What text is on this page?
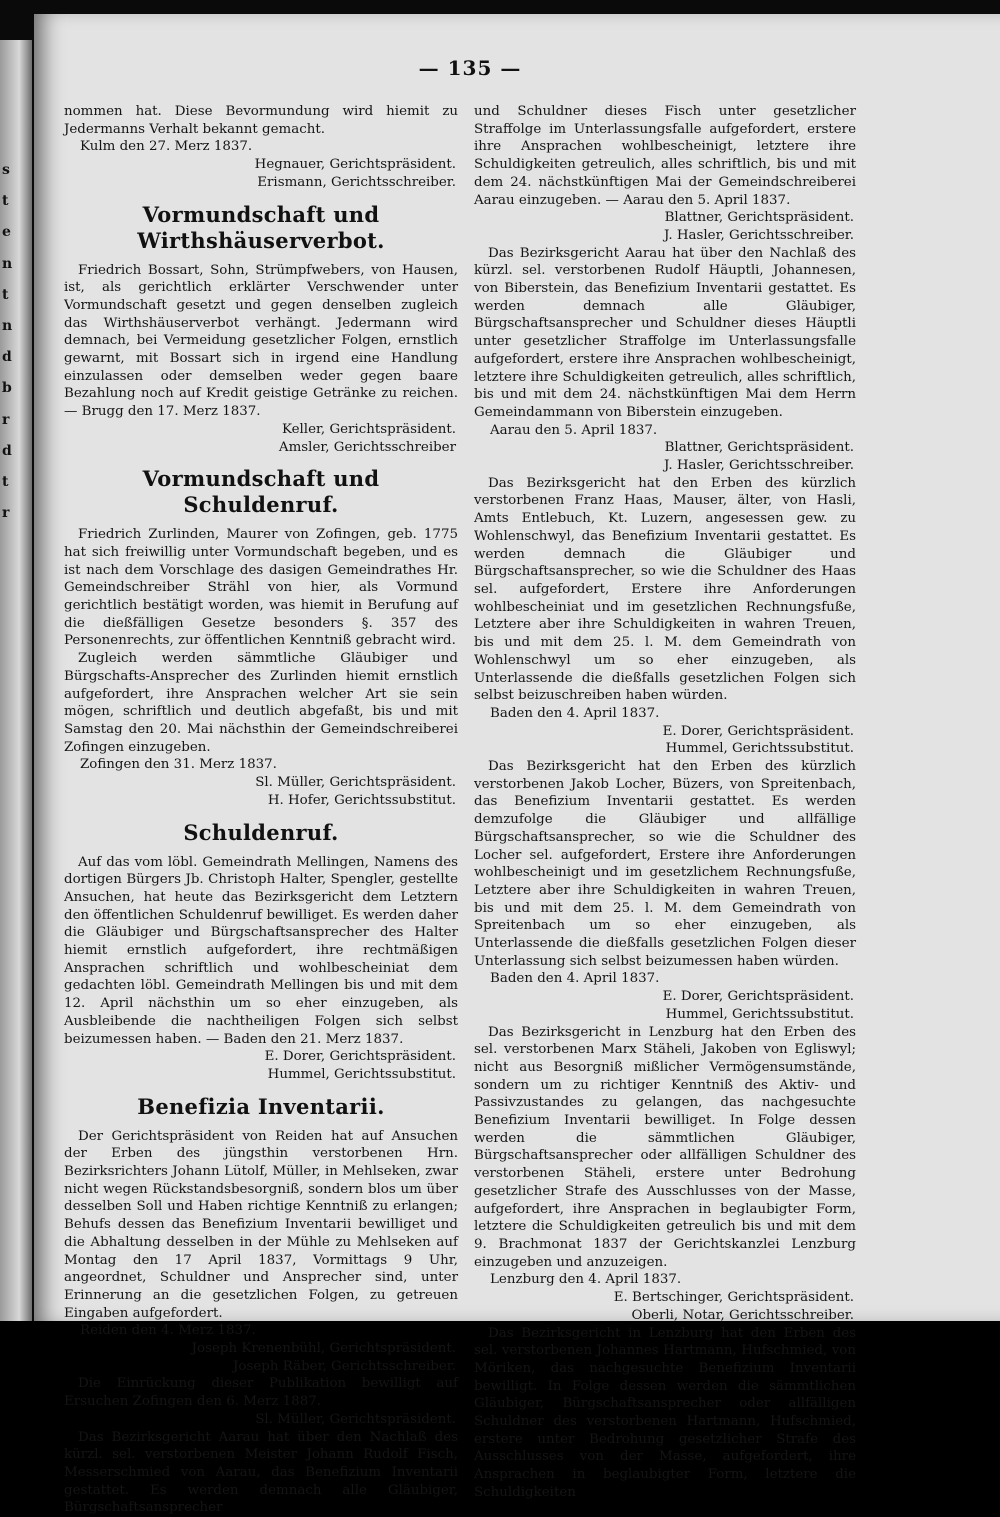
s
t
e
n
t
n
d
b
r
d
t
r
— 135 —

nommen hat. Diese Bevormundung wird hiemit zu Jedermanns Verhalt bekannt gemacht.

Kulm den 27. Merz 1837.

Hegnauer, Gerichtspräsident.

Erismann, Gerichtsschreiber.

Vormundschaft und Wirthshäuserverbot.

Friedrich Bossart, Sohn, Strümpfwebers, von Hausen, ist, als gerichtlich erklärter Verschwender unter Vormundschaft gesetzt und gegen denselben zugleich das Wirthshäuserverbot verhängt. Jedermann wird demnach, bei Vermeidung gesetzlicher Folgen, ernstlich gewarnt, mit Bossart sich in irgend eine Handlung einzulassen oder demselben weder gegen baare Bezahlung noch auf Kredit geistige Getränke zu reichen. — Brugg den 17. Merz 1837.

Keller, Gerichtspräsident.

Amsler, Gerichtsschreiber

Vormundschaft und Schuldenruf.

Friedrich Zurlinden, Maurer von Zofingen, geb. 1775 hat sich freiwillig unter Vormundschaft begeben, und es ist nach dem Vorschlage des dasigen Gemeindrathes Hr. Gemeindschreiber Strähl von hier, als Vormund gerichtlich bestätigt worden, was hiemit in Berufung auf die dießfälligen Gesetze besonders §. 357 des Personenrechts, zur öffentlichen Kenntniß gebracht wird.

Zugleich werden sämmtliche Gläubiger und Bürgschafts-Ansprecher des Zurlinden hiemit ernstlich aufgefordert, ihre Ansprachen welcher Art sie sein mögen, schriftlich und deutlich abgefaßt, bis und mit Samstag den 20. Mai nächsthin der Gemeindschreiberei Zofingen einzugeben.

Zofingen den 31. Merz 1837.

Sl. Müller, Gerichtspräsident.

H. Hofer, Gerichtssubstitut.

Schuldenruf.

Auf das vom löbl. Gemeindrath Mellingen, Namens des dortigen Bürgers Jb. Christoph Halter, Spengler, gestellte Ansuchen, hat heute das Bezirksgericht dem Letztern den öffentlichen Schuldenruf bewilliget. Es werden daher die Gläubiger und Bürgschaftsansprecher des Halter hiemit ernstlich aufgefordert, ihre rechtmäßigen Ansprachen schriftlich und wohlbescheiniat dem gedachten löbl. Gemeindrath Mellingen bis und mit dem 12. April nächsthin um so eher einzugeben, als Ausbleibende die nachtheiligen Folgen sich selbst beizumessen haben. — Baden den 21. Merz 1837.

E. Dorer, Gerichtspräsident.

Hummel, Gerichtssubstitut.

Benefizia Inventarii.

Der Gerichtspräsident von Reiden hat auf Ansuchen der Erben des jüngsthin verstorbenen Hrn. Bezirksrichters Johann Lütolf, Müller, in Mehlseken, zwar nicht wegen Rückstandsbesorgniß, sondern blos um über desselben Soll und Haben richtige Kenntniß zu erlangen; Behufs dessen das Benefizium Inventarii bewilliget und die Abhaltung desselben in der Mühle zu Mehlseken auf Montag den 17 April 1837, Vormittags 9 Uhr, angeordnet, Schuldner und Ansprecher sind, unter Erinnerung an die gesetzlichen Folgen, zu getreuen Eingaben aufgefordert.

Reiden den 4. Merz 1837.

Joseph Krenenbühl, Gerichtspräsident.

Joseph Räber, Gerichtsschreiber.

Die Einrückung dieser Publikation bewilligt auf Ersuchen Zofingen den 6. Merz 1887.

Sl. Müller, Gerichtspräsident.

Das Bezirksgericht Aarau hat über den Nachlaß des kürzl. sel. verstorbenen Meister Johann Rudolf Fisch, Messerschmied von Aarau, das Benefizium Inventarii gestattet. Es werden demnach alle Gläubiger, Bürgschaftsansprecher

und Schuldner dieses Fisch unter gesetzlicher Straffolge im Unterlassungsfalle aufgefordert, erstere ihre Ansprachen wohlbescheinigt, letztere ihre Schuldigkeiten getreulich, alles schriftlich, bis und mit dem 24. nächstkünftigen Mai der Gemeindschreiberei Aarau einzugeben. — Aarau den 5. April 1837.

Blattner, Gerichtspräsident.

J. Hasler, Gerichtsschreiber.

Das Bezirksgericht Aarau hat über den Nachlaß des kürzl. sel. verstorbenen Rudolf Häuptli, Johannesen, von Biberstein, das Benefizium Inventarii gestattet. Es werden demnach alle Gläubiger, Bürgschaftsansprecher und Schuldner dieses Häuptli unter gesetzlicher Straffolge im Unterlassungsfalle aufgefordert, erstere ihre Ansprachen wohlbescheinigt, letztere ihre Schuldigkeiten getreulich, alles schriftlich, bis und mit dem 24. nächstkünftigen Mai dem Herrn Gemeindammann von Biberstein einzugeben.

Aarau den 5. April 1837.

Blattner, Gerichtspräsident.

J. Hasler, Gerichtsschreiber.

Das Bezirksgericht hat den Erben des kürzlich verstorbenen Franz Haas, Mauser, älter, von Hasli, Amts Entlebuch, Kt. Luzern, angesessen gew. zu Wohlenschwyl, das Benefizium Inventarii gestattet. Es werden demnach die Gläubiger und Bürgschaftsansprecher, so wie die Schuldner des Haas sel. aufgefordert, Erstere ihre Anforderungen wohlbescheiniat und im gesetzlichen Rechnungsfuße, Letztere aber ihre Schuldigkeiten in wahren Treuen, bis und mit dem 25. l. M. dem Gemeindrath von Wohlenschwyl um so eher einzugeben, als Unterlassende die dießfalls gesetzlichen Folgen sich selbst beizuschreiben haben würden.

Baden den 4. April 1837.

E. Dorer, Gerichtspräsident.

Hummel, Gerichtssubstitut.

Das Bezirksgericht hat den Erben des kürzlich verstorbenen Jakob Locher, Büzers, von Spreitenbach, das Benefizium Inventarii gestattet. Es werden demzufolge die Gläubiger und allfällige Bürgschaftsansprecher, so wie die Schuldner des Locher sel. aufgefordert, Erstere ihre Anforderungen wohlbescheinigt und im gesetzlichem Rechnungsfuße, Letztere aber ihre Schuldigkeiten in wahren Treuen, bis und mit dem 25. l. M. dem Gemeindrath von Spreitenbach um so eher einzugeben, als Unterlassende die dießfalls gesetzlichen Folgen dieser Unterlassung sich selbst beizumessen haben würden.

Baden den 4. April 1837.

E. Dorer, Gerichtspräsident.

Hummel, Gerichtssubstitut.

Das Bezirksgericht in Lenzburg hat den Erben des sel. verstorbenen Marx Stäheli, Jakoben von Egliswyl; nicht aus Besorgniß mißlicher Vermögensumstände, sondern um zu richtiger Kenntniß des Aktiv- und Passivzustandes zu gelangen, das nachgesuchte Benefizium Inventarii bewilliget. In Folge dessen werden die sämmtlichen Gläubiger, Bürgschaftsansprecher oder allfälligen Schuldner des verstorbenen Stäheli, erstere unter Bedrohung gesetzlicher Strafe des Ausschlusses von der Masse, aufgefordert, ihre Ansprachen in beglaubigter Form, letztere die Schuldigkeiten getreulich bis und mit dem 9. Brachmonat 1837 der Gerichtskanzlei Lenzburg einzugeben und anzuzeigen.

Lenzburg den 4. April 1837.

E. Bertschinger, Gerichtspräsident.

Oberli, Notar, Gerichtsschreiber.

Das Bezirksgericht in Lenzburg hat den Erben des sel. verstorbenen Johannes Hartmann, Hufschmied, von Möriken, das nachgesuchte Benefizium Inventarii bewilligt. In Folge dessen werden die sämmtlichen Gläubiger, Bürgschaftsansprecher oder allfälligen Schuldner des verstorbenen Hartmann, Hufschmied, erstere unter Bedrohung gesetzlicher Strafe des Ausschlusses von der Masse, aufgefordert, ihre Ansprachen in beglaubigter Form, letztere die Schuldigkeiten
